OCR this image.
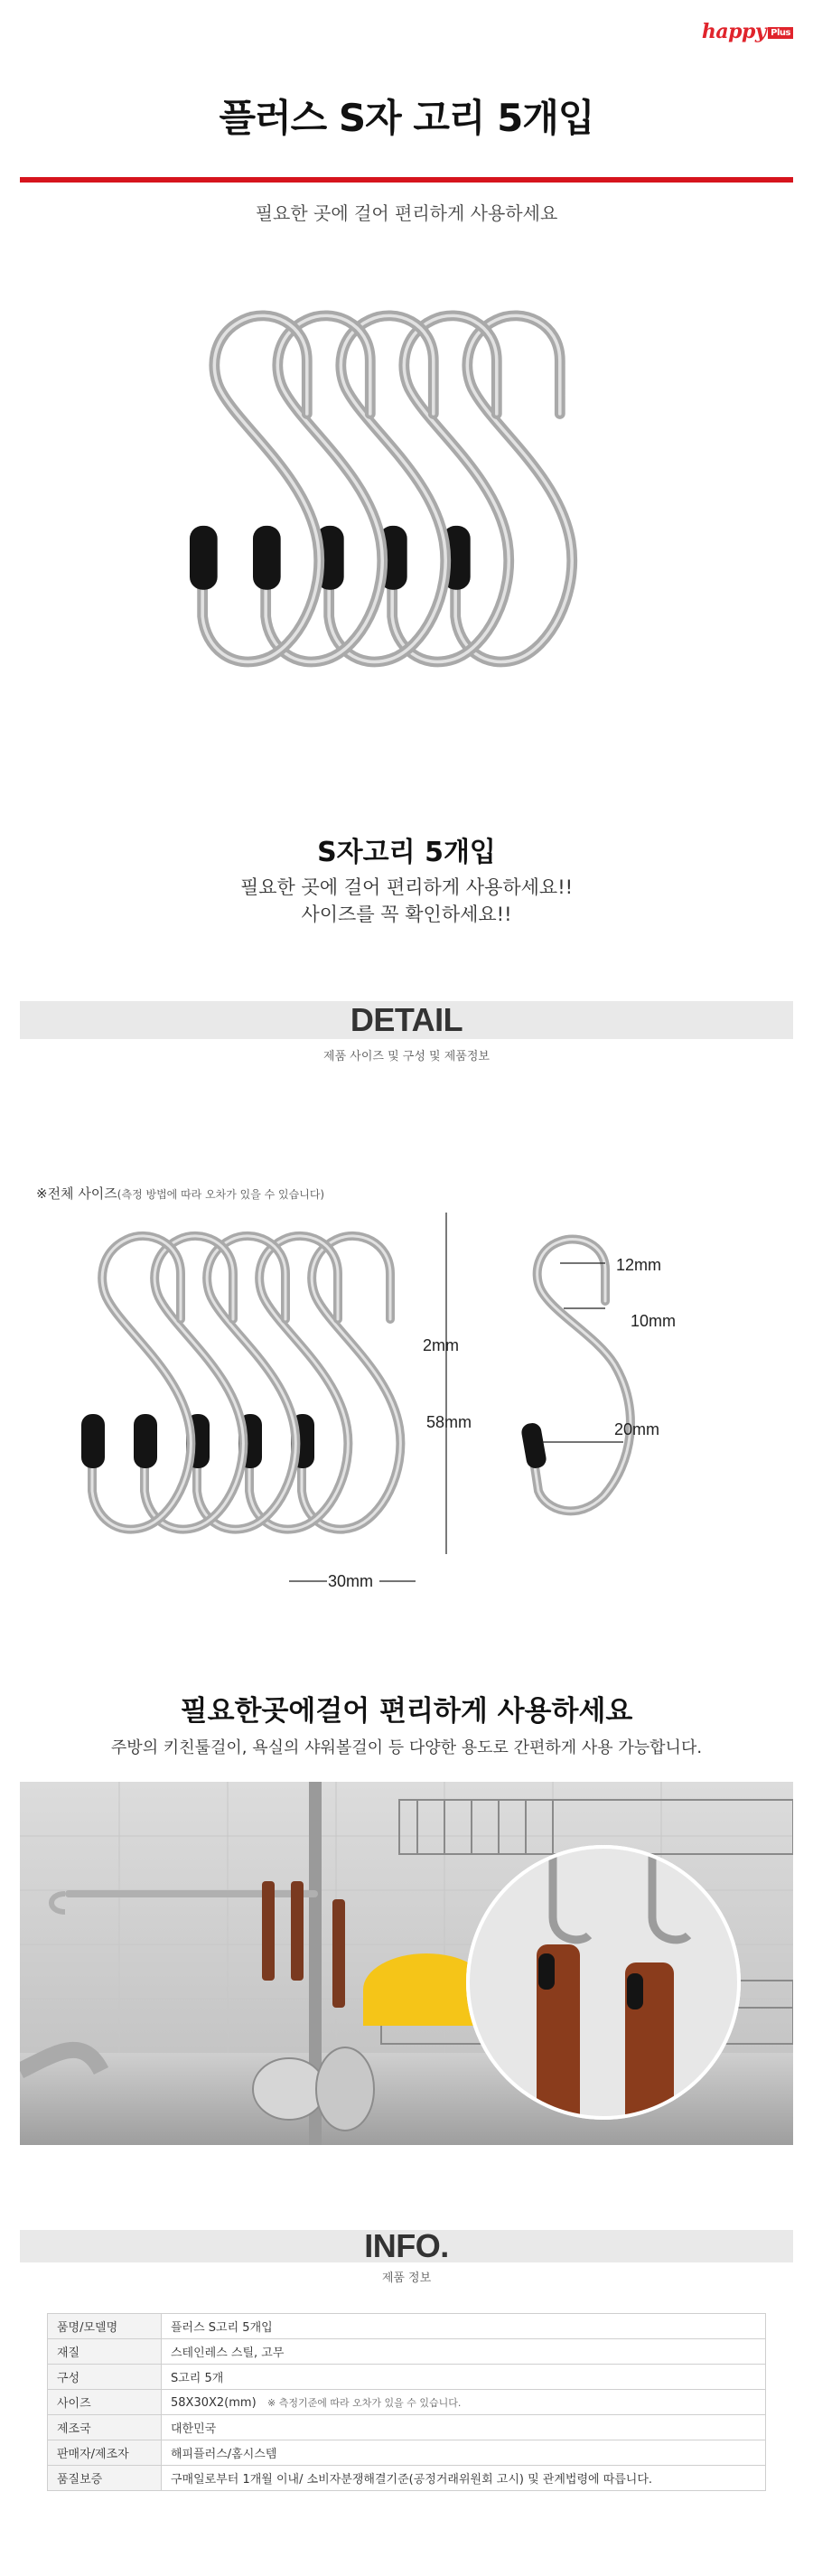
happy Plus
플러스 S자 고리 5개입
필요한 곳에 걸어 편리하게 사용하세요
S자고리 5개입
필요한 곳에 걸어 편리하게 사용하세요!!
사이즈를 꼭 확인하세요!!
DETAIL
제품 사이즈 및 구성 및 제품정보
※전체 사이즈(측정 방법에 따라 오차가 있을 수 있습니다)
2mm
58mm
30mm
12mm
10mm
20mm
필요한곳에걸어 편리하게 사용하세요
주방의 키친툴걸이, 욕실의 샤워볼걸이 등 다양한 용도로 간편하게 사용 가능합니다.
INFO.
제품 정보
품명/모델명	플러스 S고리 5개입
재질	스테인레스 스틸, 고무
구성	S고리 5개
사이즈	58X30X2(mm) ※ 측정기준에 따라 오차가 있을 수 있습니다.
제조국	대한민국
판매자/제조자	해피플러스/홈시스템
품질보증	구매일로부터 1개월 이내/ 소비자분쟁해결기준(공정거래위원회 고시) 및 관계법령에 따릅니다.
